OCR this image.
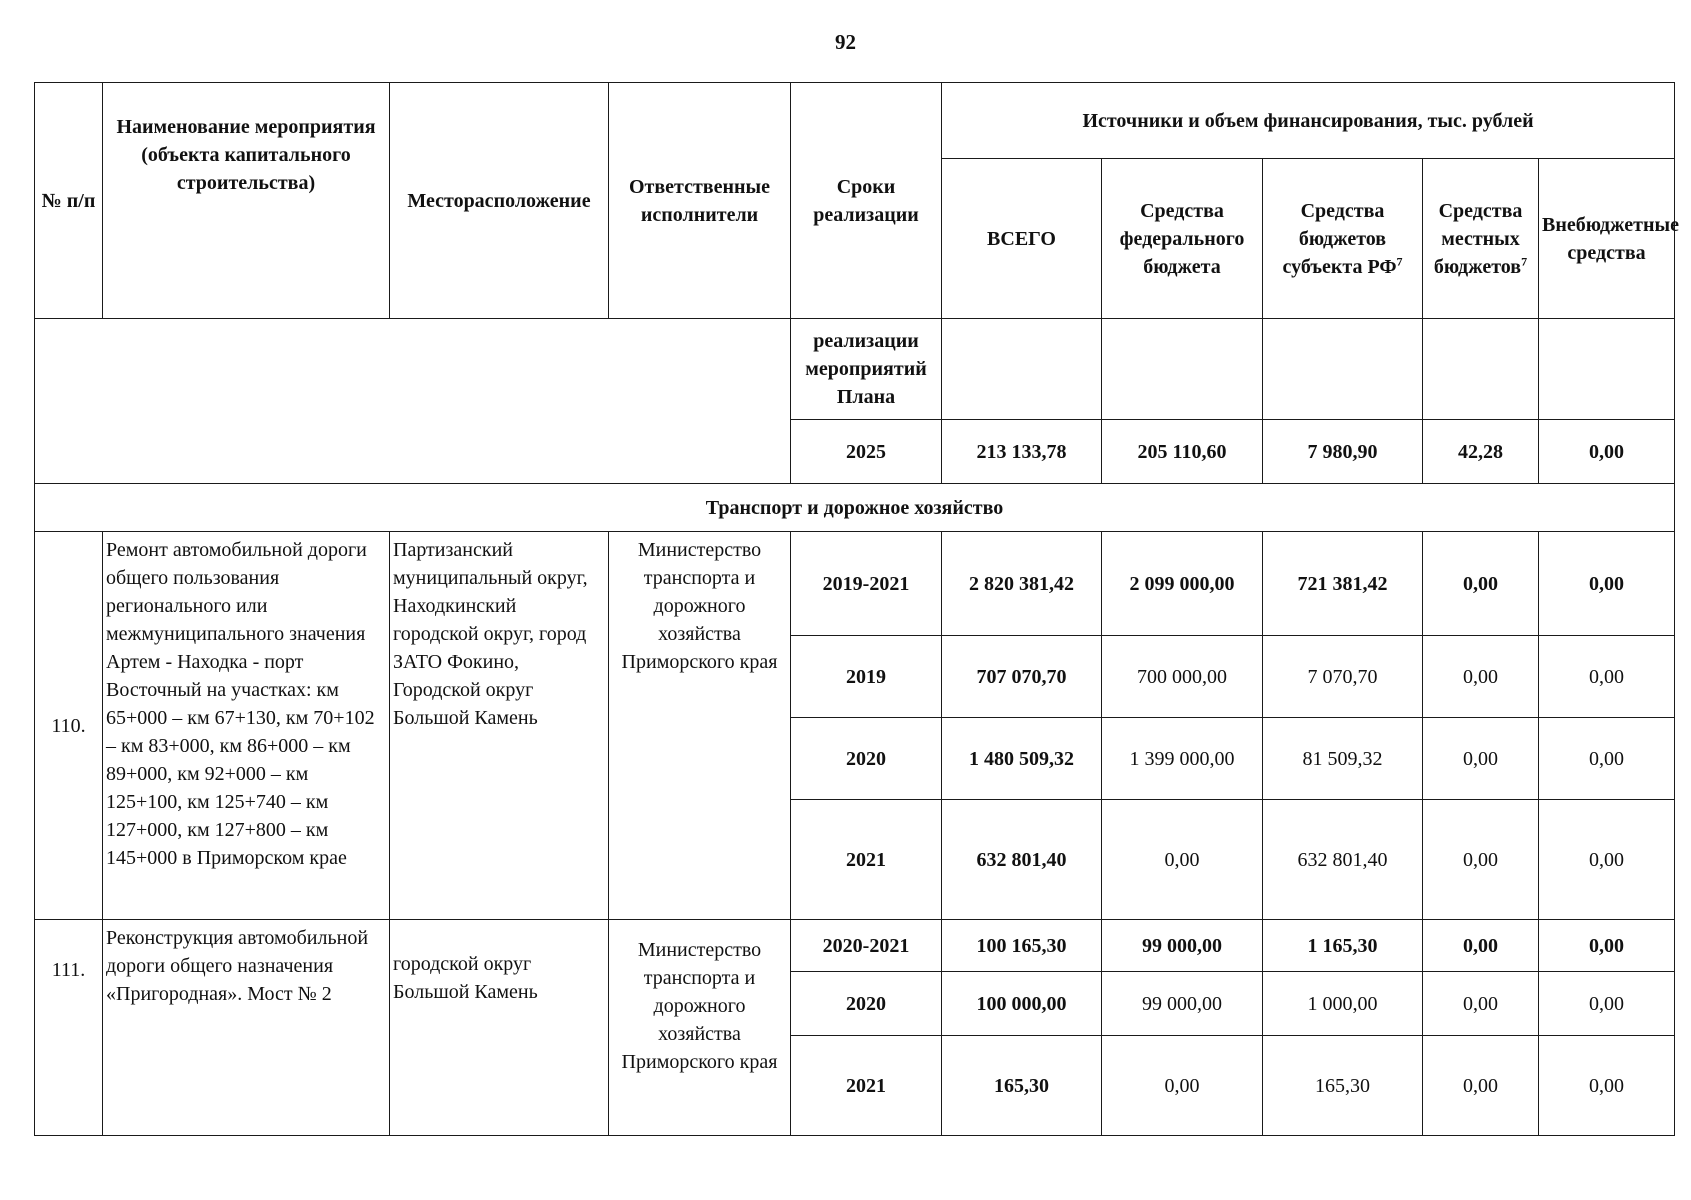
92
№ п/п	Наименование мероприятия (объекта капитального строительства)	Месторасположение	Ответственные исполнители	Сроки реализации	Источники и объем финансирования, тыс. рублей				
					ВСЕГО	Средства федерального бюджета	Средства бюджетов субъекта $РФ^7$	Средства местных бюджетов$^7$	Внебюджетные средства
				реализации мероприятий Плана					
				2025	213 133,78	205 110,60	7 980,90	42,28	0,00
Транспорт и дорожное хозяйство									
110.	Ремонт автомобильной дороги общего пользования регионального или межмуниципального значения Артем - Находка - порт Восточный на участках: км 65+000 – км 67+130, км 70+102 – км 83+000, км 86+000 – км 89+000, км 92+000 – км 125+100, км 125+740 – км 127+000, км 127+800 – км 145+000 в Приморском крае	Партизанский муниципальный округ, Находкинский городской округ, город ЗАТО Фокино, Городской округ Большой Камень	Министерство транспорта и дорожного хозяйства Приморского края	2019-2021	2 820 381,42	2 099 000,00	721 381,42	0,00	0,00
				2019	707 070,70	700 000,00	7 070,70	0,00	0,00
				2020	1 480 509,32	1 399 000,00	81 509,32	0,00	0,00
				2021	632 801,40	0,00	632 801,40	0,00	0,00
111.	Реконструкция автомобильной дороги общего назначения «Пригородная». Мост № 2	городской округ Большой Камень	Министерство транспорта и дорожного хозяйства Приморского края	2020-2021	100 165,30	99 000,00	1 165,30	0,00	0,00
				2020	100 000,00	99 000,00	1 000,00	0,00	0,00
				2021	165,30	0,00	165,30	0,00	0,00
